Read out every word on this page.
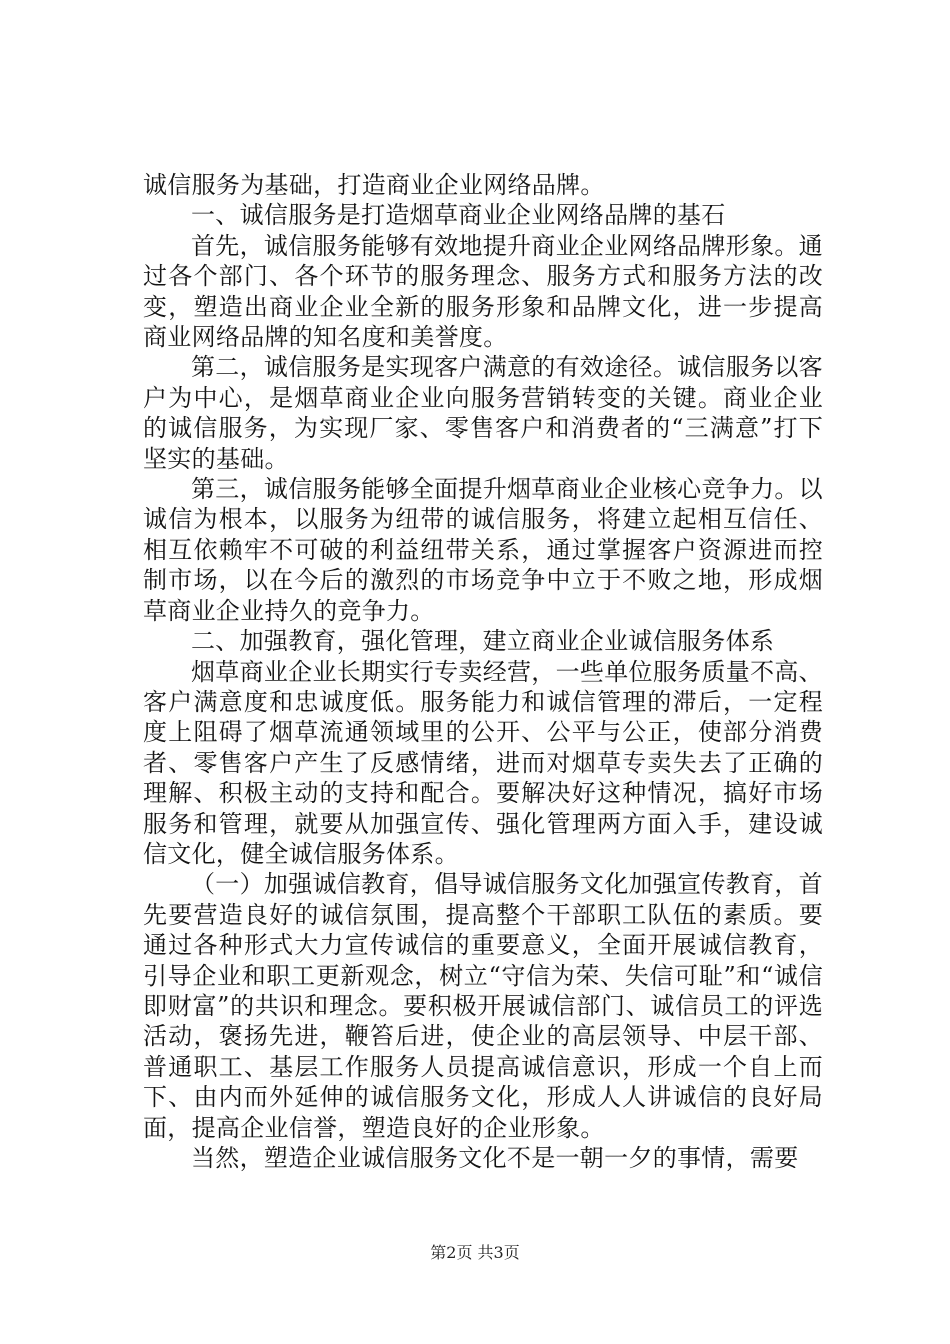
诚信服务为基础，打造商业企业网络品牌。

一、诚信服务是打造烟草商业企业网络品牌的基石

首先，诚信服务能够有效地提升商业企业网络品牌形象。通过各个部门、各个环节的服务理念、服务方式和服务方法的改变，塑造出商业企业全新的服务形象和品牌文化，进一步提高商业网络品牌的知名度和美誉度。

第二，诚信服务是实现客户满意的有效途径。诚信服务以客户为中心，是烟草商业企业向服务营销转变的关键。商业企业的诚信服务，为实现厂家、零售客户和消费者的“三满意”打下坚实的基础。

第三，诚信服务能够全面提升烟草商业企业核心竞争力。以诚信为根本，以服务为纽带的诚信服务，将建立起相互信任、相互依赖牢不可破的利益纽带关系，通过掌握客户资源进而控制市场，以在今后的激烈的市场竞争中立于不败之地，形成烟草商业企业持久的竞争力。

二、加强教育，强化管理，建立商业企业诚信服务体系

烟草商业企业长期实行专卖经营，一些单位服务质量不高、客户满意度和忠诚度低。服务能力和诚信管理的滞后，一定程度上阻碍了烟草流通领域里的公开、公平与公正，使部分消费者、零售客户产生了反感情绪，进而对烟草专卖失去了正确的理解、积极主动的支持和配合。要解决好这种情况，搞好市场服务和管理，就要从加强宣传、强化管理两方面入手，建设诚信文化，健全诚信服务体系。

（一）加强诚信教育，倡导诚信服务文化加强宣传教育，首先要营造良好的诚信氛围，提高整个干部职工队伍的素质。要通过各种形式大力宣传诚信的重要意义，全面开展诚信教育，引导企业和职工更新观念，树立“守信为荣、失信可耻”和“诚信即财富”的共识和理念。要积极开展诚信部门、诚信员工的评选活动，褒扬先进，鞭笞后进，使企业的高层领导、中层干部、普通职工、基层工作服务人员提高诚信意识，形成一个自上而下、由内而外延伸的诚信服务文化，形成人人讲诚信的良好局面，提高企业信誉，塑造良好的企业形象。

当然，塑造企业诚信服务文化不是一朝一夕的事情，需要

第2页 共3页
